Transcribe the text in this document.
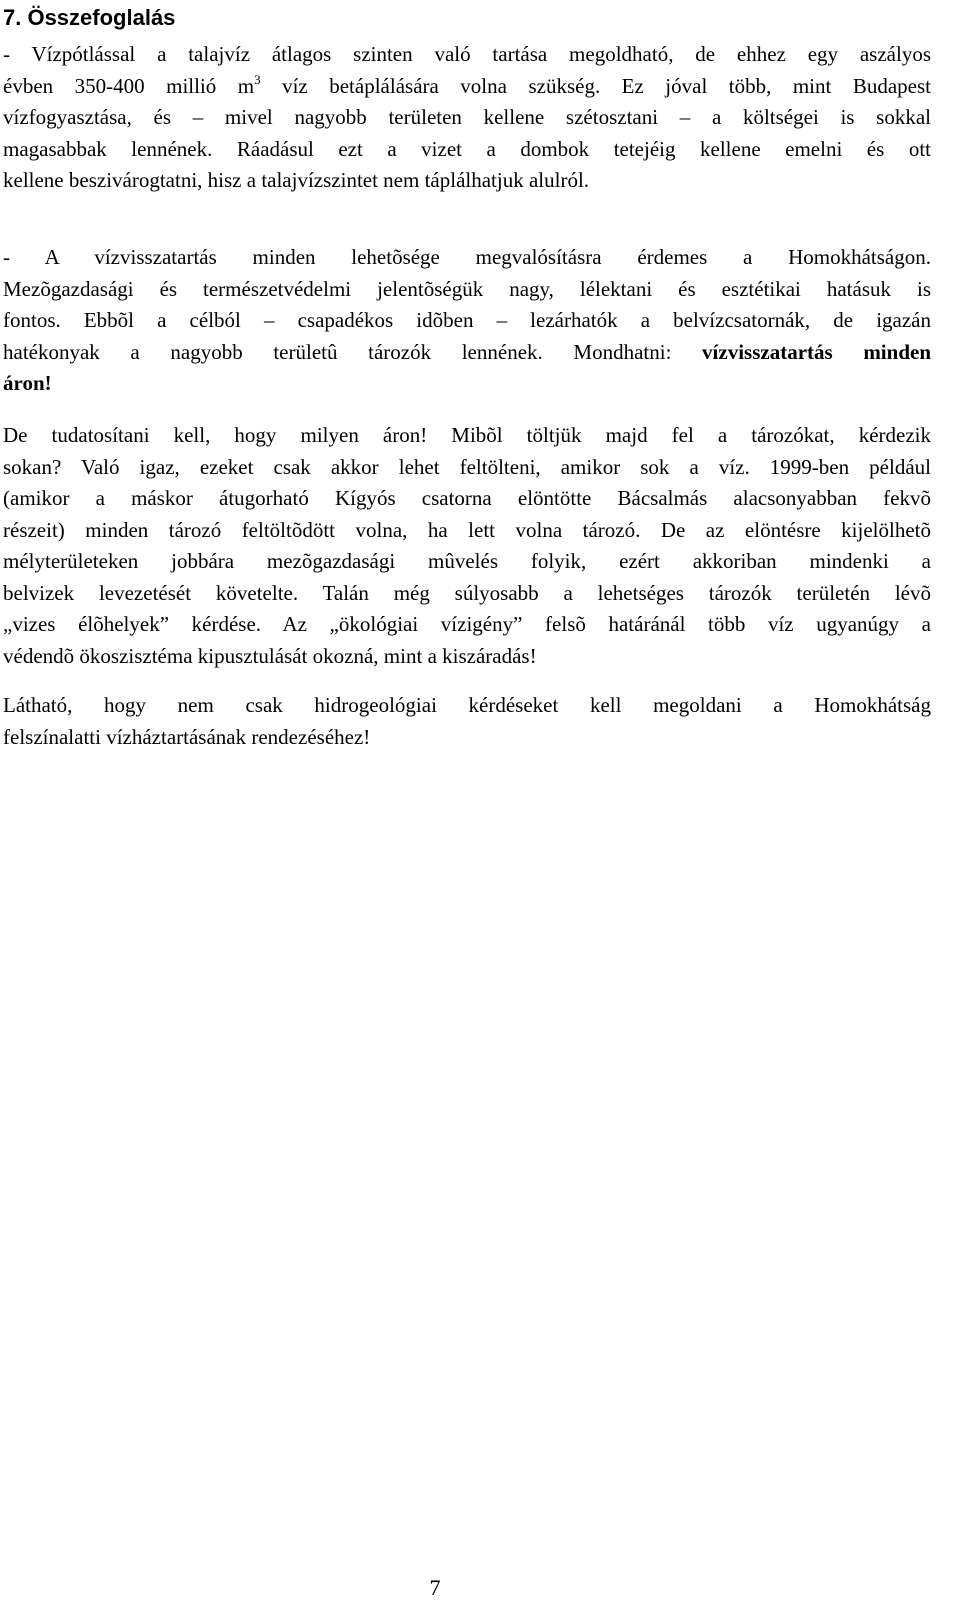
7. Összefoglalás
- Vízpótlással a talajvíz átlagos szinten való tartása megoldható, de ehhez egy aszályos
évben 350-400 millió $m^3$ víz betáplálására volna szükség. Ez jóval több, mint Budapest
vízfogyasztása, és – mivel nagyobb területen kellene szétosztani – a költségei is sokkal
magasabbak lennének. Ráadásul ezt a vizet a dombok tetejéig kellene emelni és ott
kellene beszivárogtatni, hisz a talajvízszintet nem táplálhatjuk alulról.
- A vízvisszatartás minden lehetõsége megvalósításra érdemes a Homokhátságon.
Mezõgazdasági és természetvédelmi jelentõségük nagy, lélektani és esztétikai hatásuk is
fontos. Ebbõl a célból – csapadékos idõben – lezárhatók a belvízcsatornák, de igazán
hatékonyak a nagyobb területû tározók lennének. Mondhatni: vízvisszatartás minden
áron!
De tudatosítani kell, hogy milyen áron! Mibõl töltjük majd fel a tározókat, kérdezik
sokan? Való igaz, ezeket csak akkor lehet feltölteni, amikor sok a víz. 1999-ben például
(amikor a máskor átugorható Kígyós csatorna elöntötte Bácsalmás alacsonyabban fekvõ
részeit) minden tározó feltöltõdött volna, ha lett volna tározó. De az elöntésre kijelölhetõ
mélyterületeken jobbára mezõgazdasági mûvelés folyik, ezért akkoriban mindenki a
belvizek levezetését követelte. Talán még súlyosabb a lehetséges tározók területén lévõ
„vizes élõhelyek” kérdése. Az „ökológiai vízigény” felsõ határánál több víz ugyanúgy a
védendõ ökoszisztéma kipusztulását okozná, mint a kiszáradás!
Látható, hogy nem csak hidrogeológiai kérdéseket kell megoldani a Homokhátság
felszínalatti vízháztartásának rendezéséhez!

7
